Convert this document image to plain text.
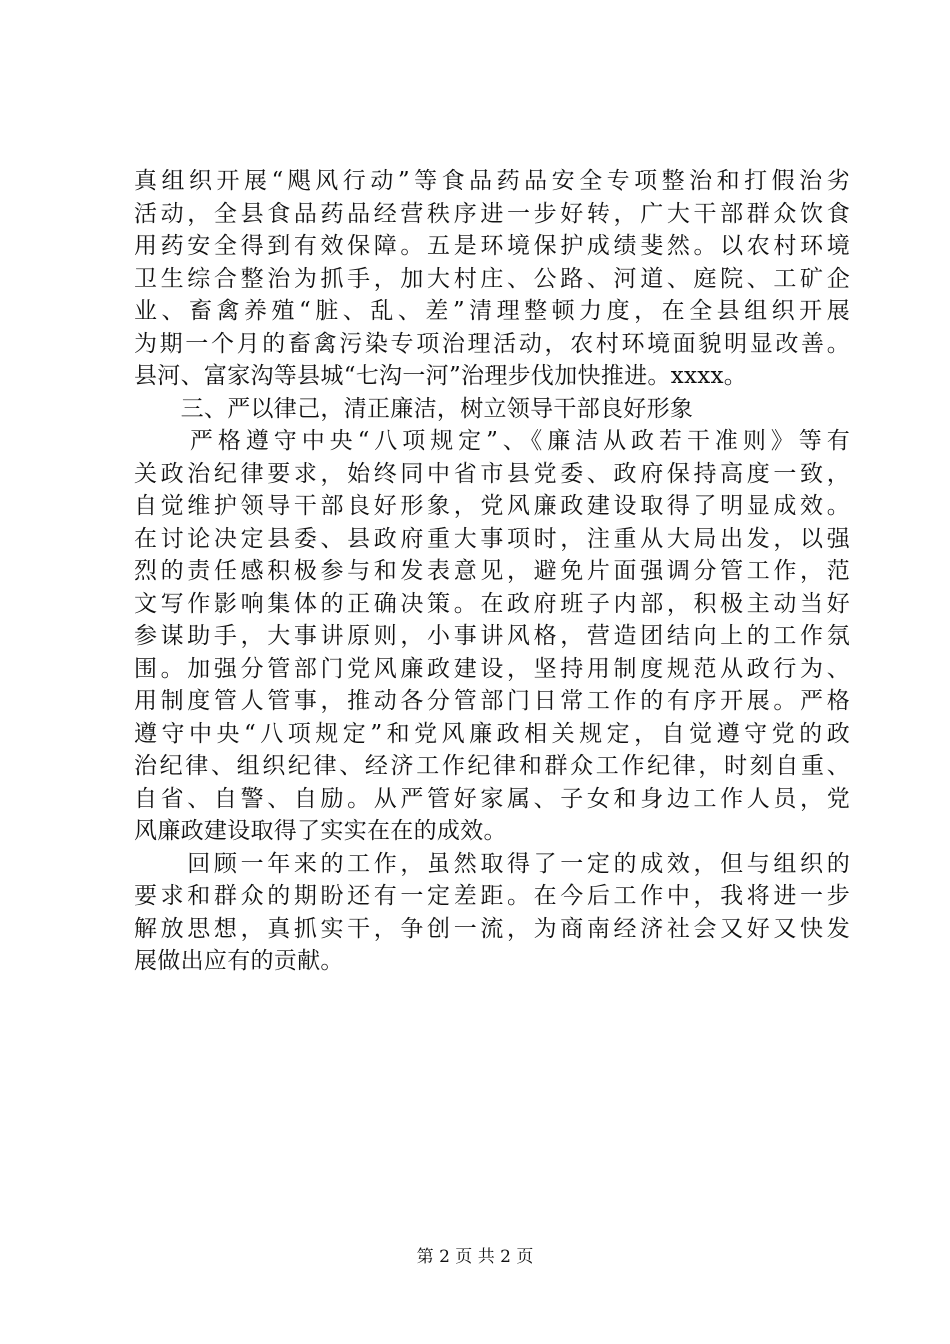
真组织开展“飓风行动”等食品药品安全专项整治和打假治劣
活动，全县食品药品经营秩序进一步好转，广大干部群众饮食
用药安全得到有效保障。五是环境保护成绩斐然。以农村环境
卫生综合整治为抓手，加大村庄、公路、河道、庭院、工矿企
业、畜禽养殖“脏、乱、差”清理整顿力度，在全县组织开展
为期一个月的畜禽污染专项治理活动，农村环境面貌明显改善。
县河、富家沟等县城“七沟一河”治理步伐加快推进。xxxx。
　　三、严以律己，清正廉洁，树立领导干部良好形象
　　严格遵守中央“八项规定”、《廉洁从政若干准则》等有
关政治纪律要求，始终同中省市县党委、政府保持高度一致，
自觉维护领导干部良好形象，党风廉政建设取得了明显成效。
在讨论决定县委、县政府重大事项时，注重从大局出发，以强
烈的责任感积极参与和发表意见，避免片面强调分管工作，范
文写作影响集体的正确决策。在政府班子内部，积极主动当好
参谋助手，大事讲原则，小事讲风格，营造团结向上的工作氛
围。加强分管部门党风廉政建设，坚持用制度规范从政行为、
用制度管人管事，推动各分管部门日常工作的有序开展。严格
遵守中央“八项规定”和党风廉政相关规定，自觉遵守党的政
治纪律、组织纪律、经济工作纪律和群众工作纪律，时刻自重、
自省、自警、自励。从严管好家属、子女和身边工作人员，党
风廉政建设取得了实实在在的成效。
　　回顾一年来的工作，虽然取得了一定的成效，但与组织的
要求和群众的期盼还有一定差距。在今后工作中，我将进一步
解放思想，真抓实干，争创一流，为商南经济社会又好又快发
展做出应有的贡献。
第 2 页 共 2 页
